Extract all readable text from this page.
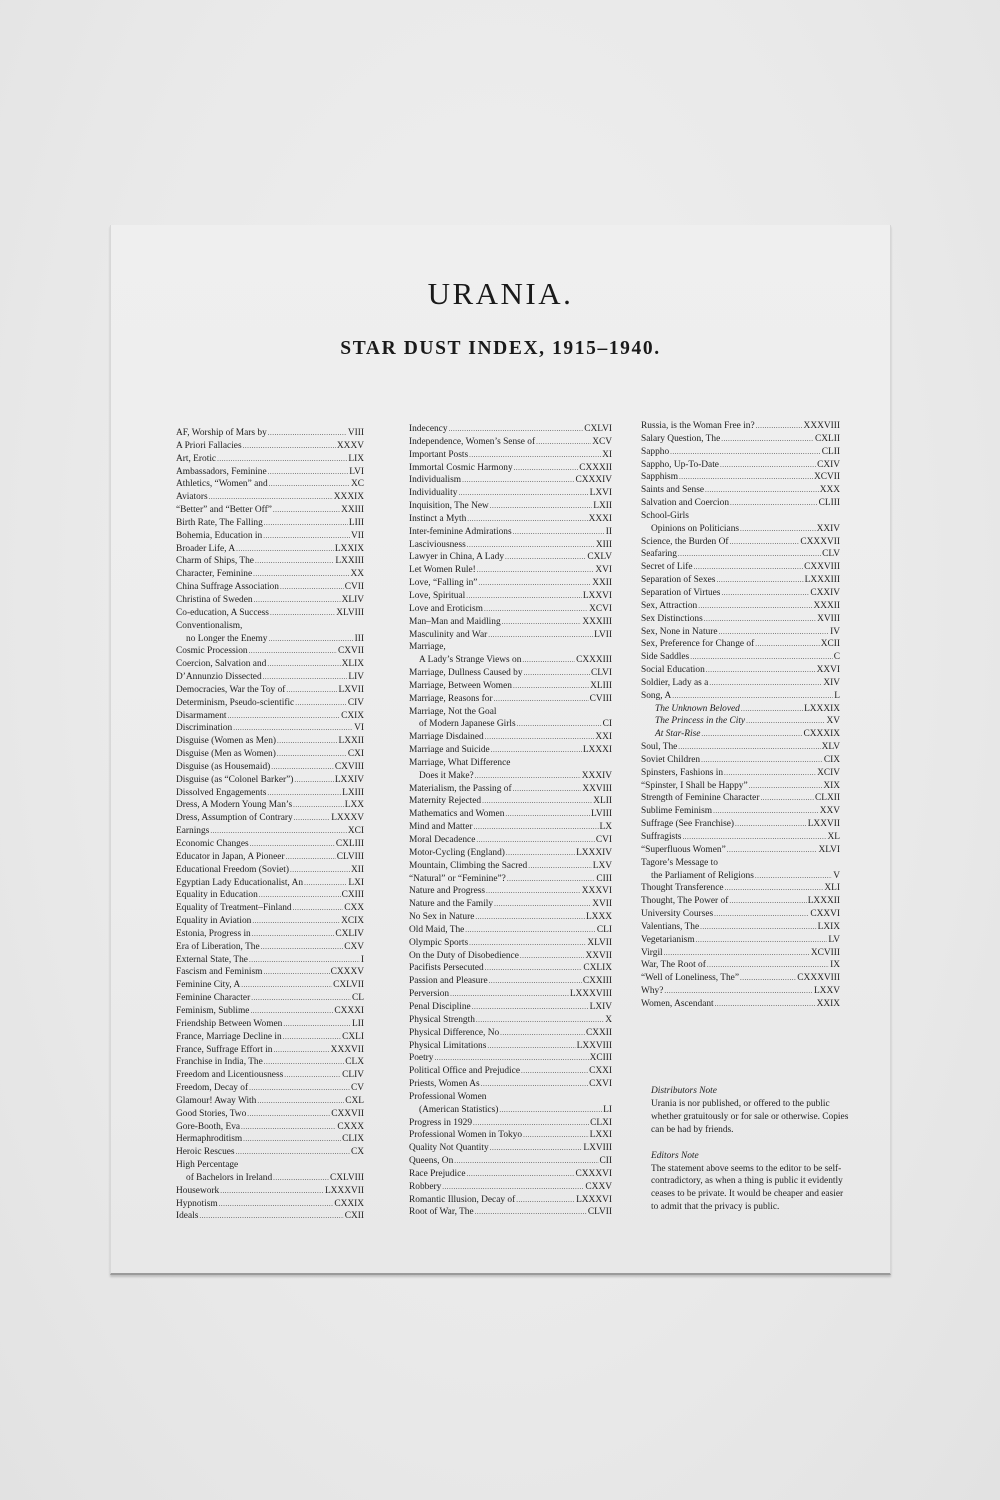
URANIA.
STAR DUST INDEX, 1915–1940.
AF, Worship of Mars by .....	VIII
A Priori Fallacies .....	XXXV
Art, Erotic .....	LIX
Ambassadors, Feminine .....	LVI
Athletics, “Women” and .....	XC
Aviators .....	XXXIX
“Better” and “Better Off” .....	XXIII
Birth Rate, The Falling .....	LIII
Bohemia, Education in .....	VII
Broader Life, A .....	LXXIX
Charm of Ships, The .....	LXXIII
Character, Feminine .....	XX
China Suffrage Association .....	CVII
Christina of Sweden .....	XLIV
Co-education, A Success .....	XLVIII
Conventionalism,
no Longer the Enemy .....	III
Cosmic Procession .....	CXVII
Coercion, Salvation and .....	XLIX
D’Annunzio Dissected .....	LIV
Democracies, War the Toy of .....	LXVII
Determinism, Pseudo-scientific .....	CIV
Disarmament .....	CXIX
Discrimination .....	VI
Disguise (Women as Men) .....	LXXII
Disguise (Men as Women) .....	CXI
Disguise (as Housemaid) .....	CXVIII
Disguise (as “Colonel Barker”) .....	LXXIV
Dissolved Engagements .....	LXIII
Dress, A Modern Young Man’s .....	LXX
Dress, Assumption of Contrary .....	LXXXV
Earnings .....	XCI
Economic Changes .....	CXLIII
Educator in Japan, A Pioneer .....	CLVIII
Educational Freedom (Soviet) .....	XII
Egyptian Lady Educationalist, An .....	LXI
Equality in Education .....	CXIII
Equality of Treatment–Finland .....	CXX
Equality in Aviation .....	XCIX
Estonia, Progress in .....	CXLIV
Era of Liberation, The .....	CXV
External State, The .....	I
Fascism and Feminism .....	CXXXV
Feminine City, A .....	CXLVII
Feminine Character .....	CL
Feminism, Sublime .....	CXXXI
Friendship Between Women .....	LII
France, Marriage Decline in .....	CXLI
France, Suffrage Effort in .....	XXXVII
Franchise in India, The .....	CLX
Freedom and Licentiousness .....	CLIV
Freedom, Decay of .....	CV
Glamour! Away With .....	CXL
Good Stories, Two .....	CXXVII
Gore-Booth, Eva .....	CXXX
Hermaphroditism .....	CLIX
Heroic Rescues .....	CX
High Percentage
of Bachelors in Ireland .....	CXLVIII
Housework .....	LXXXVII
Hypnotism .....	CXXIX
Ideals .....	CXII
Indecency .....	CXLVI
Independence, Women’s Sense of .....	XCV
Important Posts .....	XI
Immortal Cosmic Harmony .....	CXXXII
Individualism .....	CXXXIV
Individuality .....	LXVI
Inquisition, The New .....	LXII
Instinct a Myth .....	XXXI
Inter-feminine Admirations .....	II
Lasciviousness .....	XIII
Lawyer in China, A Lady .....	CXLV
Let Women Rule! .....	XVI
Love, “Falling in” .....	XXII
Love, Spiritual .....	LXXVI
Love and Eroticism .....	XCVI
Man–Man and Maidling .....	XXXIII
Masculinity and War .....	LVII
Marriage,
A Lady’s Strange Views on .....	CXXXIII
Marriage, Dullness Caused by .....	CLVI
Marriage, Between Women .....	XLIII
Marriage, Reasons for .....	CVIII
Marriage, Not the Goal
of Modern Japanese Girls .....	CI
Marriage Disdained .....	XXI
Marriage and Suicide .....	LXXXI
Marriage, What Difference
Does it Make? .....	XXXIV
Materialism, the Passing of .....	XXVIII
Maternity Rejected .....	XLII
Mathematics and Women .....	LVIII
Mind and Matter .....	LX
Moral Decadence .....	CVI
Motor-Cycling (England) .....	LXXXIV
Mountain, Climbing the Sacred .....	LXV
“Natural” or “Feminine”? .....	CIII
Nature and Progress .....	XXXVI
Nature and the Family .....	XVII
No Sex in Nature .....	LXXX
Old Maid, The .....	CLI
Olympic Sports .....	XLVII
On the Duty of Disobedience .....	XXVII
Pacifists Persecuted .....	CXLIX
Passion and Pleasure .....	CXXIII
Perversion .....	LXXXVIII
Penal Discipline .....	LXIV
Physical Strength .....	X
Physical Difference, No .....	CXXII
Physical Limitations .....	LXXVIII
Poetry .....	XCIII
Political Office and Prejudice .....	CXXI
Priests, Women As .....	CXVI
Professional Women
(American Statistics) .....	LI
Progress in 1929 .....	CLXI
Professional Women in Tokyo .....	LXXI
Quality Not Quantity .....	LXVIII
Queens, On .....	CII
Race Prejudice .....	CXXXVI
Robbery .....	CXXV
Romantic Illusion, Decay of .....	LXXXVI
Root of War, The .....	CLVII
Russia, is the Woman Free in? .....	XXXVIII
Salary Question, The .....	CXLII
Sappho .....	CLII
Sappho, Up-To-Date .....	CXIV
Sapphism .....	XCVII
Saints and Sense .....	XXX
Salvation and Coercion .....	CLIII
School-Girls
Opinions on Politicians .....	XXIV
Science, the Burden Of .....	CXXXVII
Seafaring .....	CLV
Secret of Life .....	CXXVIII
Separation of Sexes .....	LXXXIII
Separation of Virtues .....	CXXIV
Sex, Attraction .....	XXXII
Sex Distinctions .....	XVIII
Sex, None in Nature .....	IV
Sex, Preference for Change of .....	XCII
Side Saddles .....	C
Social Education .....	XXVI
Soldier, Lady as a .....	XIV
Song, A .....	L
The Unknown Beloved .....	LXXXIX
The Princess in the City .....	XV
At Star-Rise .....	CXXXIX
Soul, The .....	XLV
Soviet Children .....	CIX
Spinsters, Fashions in .....	XCIV
“Spinster, I Shall be Happy” .....	XIX
Strength of Feminine Character .....	CLXII
Sublime Feminism .....	XXV
Suffrage (See Franchise) .....	LXXVII
Suffragists .....	XL
“Superfluous Women” .....	XLVI
Tagore’s Message to
the Parliament of Religions .....	V
Thought Transference .....	XLI
Thought, The Power of .....	LXXXII
University Courses .....	CXXVI
Valentians, The .....	LXIX
Vegetarianism .....	LV
Virgil .....	XCVIII
War, The Root of .....	IX
“Well of Loneliness, The” .....	CXXXVIII
Why? .....	LXXV
Women, Ascendant .....	XXIX
Distributors Note
Urania is nor published, or offered to the public whether gratuitously or for sale or otherwise. Copies can be had by friends.
Editors Note
The statement above seems to the editor to be self-contradictory, as when a thing is public it evidently ceases to be private. It would be cheaper and easier to admit that the privacy is public.
